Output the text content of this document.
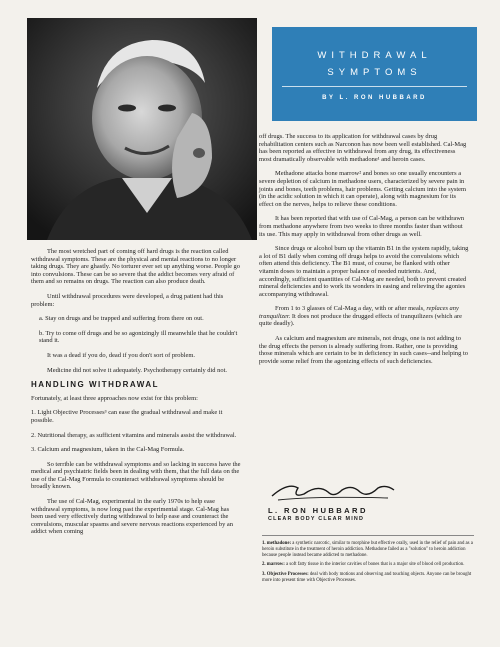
WITHDRAWAL
SYMPTOMS
BY L. RON HUBBARD

The most wretched part of coming off hard drugs is the reaction called withdrawal symptoms. These are the physical and mental reactions to no longer taking drugs. They are ghastly. No torturer ever set up anything worse. People go into convulsions. These can be so severe that the addict becomes very afraid of them and so remains on drugs. The reaction can also produce death.

Until withdrawal procedures were developed, a drug patient had this problem:

a. Stay on drugs and be trapped and suffering from there on out.

b. Try to come off drugs and be so agonizingly ill meanwhile that he couldn't stand it.

It was a dead if you do, dead if you don't sort of problem.

Medicine did not solve it adequately. Psychotherapy certainly did not.

HANDLING WITHDRAWAL

Fortunately, at least three approaches now exist for this problem:

1. Light Objective Processes³ can ease the gradual withdrawal and make it possible.

2. Nutritional therapy, as sufficient vitamins and minerals assist the withdrawal.

3. Calcium and magnesium, taken in the Cal-Mag Formula.

So terrible can be withdrawal symptoms and so lacking in success have the medical and psychiatric fields been in dealing with them, that the full data on the use of the Cal-Mag Formula to counteract withdrawal symptoms should be broadly known.

The use of Cal-Mag, experimental in the early 1970s to help ease withdrawal symptoms, is now long past the experimental stage. Cal-Mag has been used very effectively during withdrawal to help ease and counteract the convulsions, muscular spasms and severe nervous reactions experienced by an addict when coming

off drugs. The success to its application for withdrawal cases by drug rehabilitation centers such as Narconon has now been well established. Cal-Mag has been reported as effective in withdrawal from any drug, its effectiveness most dramatically observable with methadone¹ and heroin cases.

Methadone attacks bone marrow² and bones so one usually encounters a severe depletion of calcium in methadone users, characterized by severe pain in joints and bones, teeth problems, hair problems. Getting calcium into the system (in the acidic solution in which it can operate), along with magnesium for its effect on the nerves, helps to relieve these conditions.

It has been reported that with use of Cal-Mag, a person can be withdrawn from methadone anywhere from two weeks to three months faster than without its use. This may apply in withdrawal from other drugs as well.

Since drugs or alcohol burn up the vitamin B1 in the system rapidly, taking a lot of B1 daily when coming off drugs helps to avoid the convulsions which often attend this deficiency. The B1 must, of course, be flanked with other vitamin doses to maintain a proper balance of needed nutrients. And, accordingly, sufficient quantities of Cal-Mag are needed, both to prevent created mineral deficiencies and to work its wonders in easing and relieving the agonies accompanying withdrawal.

From 1 to 3 glasses of Cal-Mag a day, with or after meals, replaces any tranquilizer. It does not produce the drugged effects of tranquilizers (which are quite deadly).

As calcium and magnesium are minerals, not drugs, one is not adding to the drug effects the person is already suffering from. Rather, one is providing those minerals which are certain to be in deficiency in such cases--and helping to provide some relief from the agonizing effects of such deficiencies.

L. RON HUBBARD
CLEAR BODY CLEAR MIND

1. methadone: a synthetic narcotic, similar to morphine but effective orally, used in the relief of pain and as a heroin substitute in the treatment of heroin addiction. Methadone failed as a "solution" to heroin addiction because people instead became addicted to methadone.

2. marrow: a soft fatty tissue in the interior cavities of bones that is a major site of blood cell production.

3. Objective Processes: deal with body motions and observing and touching objects. Anyone can be brought more into present time with Objective Processes.
